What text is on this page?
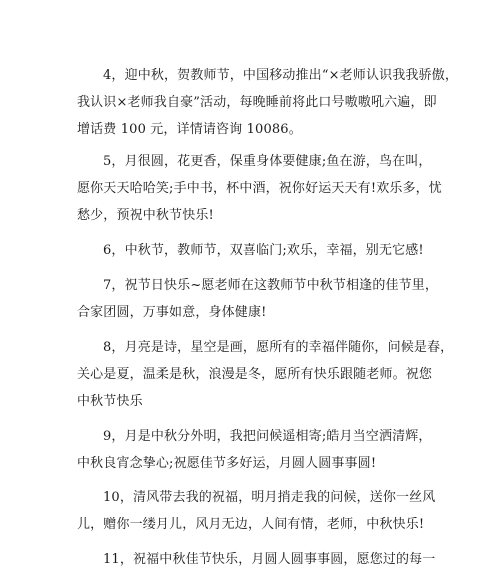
4，迎中秋，贺教师节，中国移动推出“×老师认识我我骄傲，
我认识×老师我自豪”活动，每晚睡前将此口号嗷嗷吼六遍，即
增话费 100 元，详情请咨询 10086。

5，月很圆，花更香，保重身体要健康;鱼在游，鸟在叫，
愿你天天哈哈笑;手中书，杯中酒，祝你好运天天有!欢乐多，忧
愁少，预祝中秋节快乐!

6，中秋节，教师节，双喜临门;欢乐，幸福，别无它感!

7，祝节日快乐~愿老师在这教师节中秋节相逢的佳节里，
合家团圆，万事如意，身体健康!

8，月亮是诗，星空是画，愿所有的幸福伴随你，问候是春，
关心是夏，温柔是秋，浪漫是冬，愿所有快乐跟随老师。祝您
中秋节快乐

9，月是中秋分外明，我把问候遥相寄;皓月当空洒清辉，
中秋良宵念挚心;祝愿佳节多好运，月圆人圆事事圆!

10，清风带去我的祝福，明月捎走我的问候，送你一丝风
儿，赠你一缕月儿，风月无边，人间有情，老师，中秋快乐!

11，祝福中秋佳节快乐，月圆人圆事事圆，愿您过的每一
